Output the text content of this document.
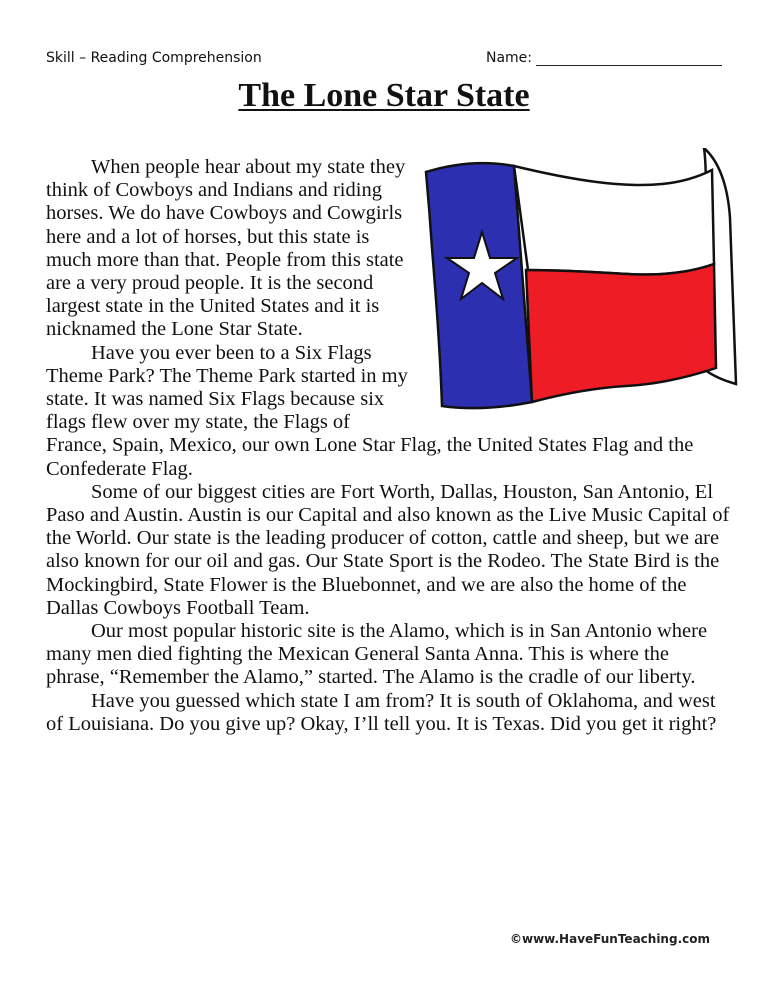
Skill – Reading Comprehension	Name:
The Lone Star State

When people hear about my state they think of Cowboys and Indians and riding horses. We do have Cowboys and Cowgirls here and a lot of horses, but this state is much more than that. People from this state are a very proud people. It is the second largest state in the United States and it is nicknamed the Lone Star State.

Have you ever been to a Six Flags Theme Park? The Theme Park started in my state. It was named Six Flags because six flags flew over my state, the Flags of France, Spain, Mexico, our own Lone Star Flag, the United States Flag and the Confederate Flag.

Some of our biggest cities are Fort Worth, Dallas, Houston, San Antonio, El Paso and Austin. Austin is our Capital and also known as the Live Music Capital of the World. Our state is the leading producer of cotton, cattle and sheep, but we are also known for our oil and gas. Our State Sport is the Rodeo. The State Bird is the Mockingbird, State Flower is the Bluebonnet, and we are also the home of the Dallas Cowboys Football Team.

Our most popular historic site is the Alamo, which is in San Antonio where many men died fighting the Mexican General Santa Anna. This is where the phrase, “Remember the Alamo,” started. The Alamo is the cradle of our liberty.

Have you guessed which state I am from? It is south of Oklahoma, and west of Louisiana. Do you give up? Okay, I’ll tell you. It is Texas. Did you get it right?

©www.HaveFunTeaching.com
